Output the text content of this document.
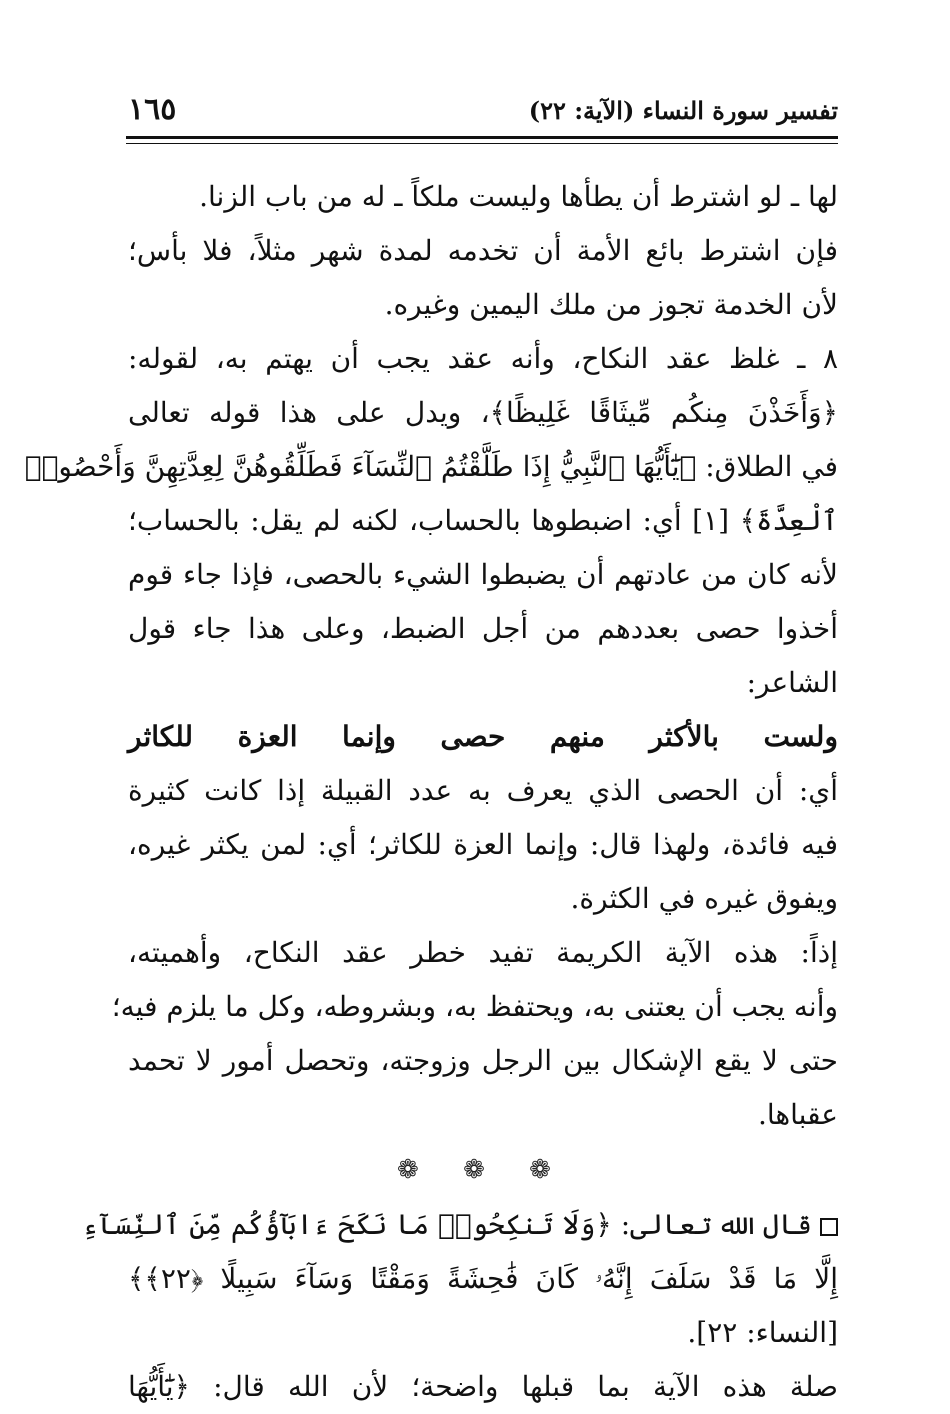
تفسير سورة النساء (الآية: ٢٢)
١٦٥
لها ـ لو اشترط أن يطأها وليست ملكاً ـ له من باب الزنا.
فإن اشترط بائع الأمة أن تخدمه لمدة شهر مثلاً، فلا بأس؛
لأن الخدمة تجوز من ملك اليمين وغيره.
٨ ـ غلظ عقد النكاح، وأنه عقد يجب أن يهتم به، لقوله:
﴿وَأَخَذْنَ مِنكُم مِّيثَاقًا غَلِيظًا﴾، ويدل على هذا قوله تعالى
في الطلاق: ﴿يَٰٓأَيُّهَا ٱلنَّبِيُّ إِذَا طَلَّقْتُمُ ٱلنِّسَآءَ فَطَلِّقُوهُنَّ لِعِدَّتِهِنَّ وَأَحْصُوا۟
ٱلْعِدَّةَ﴾ [١] أي: اضبطوها بالحساب، لكنه لم يقل: بالحساب؛
لأنه كان من عادتهم أن يضبطوا الشيء بالحصى، فإذا جاء قوم
أخذوا حصى بعددهم من أجل الضبط، وعلى هذا جاء قول
الشاعر:
ولست بالأكثر منهم حصى وإنما العزة للكاثر
أي: أن الحصى الذي يعرف به عدد القبيلة إذا كانت كثيرة
فيه فائدة، ولهذا قال: وإنما العزة للكاثر؛ أي: لمن يكثر غيره،
ويفوق غيره في الكثرة.
إذاً: هذه الآية الكريمة تفيد خطر عقد النكاح، وأهميته،
وأنه يجب أن يعتنى به، ويحتفظ به، وبشروطه، وكل ما يلزم فيه؛
حتى لا يقع الإشكال بين الرجل وزوجته، وتحصل أمور لا تحمد
عقباها.
❁ ❁ ❁
قال الله تعالى: ﴿وَلَا تَنكِحُوا۟ مَا نَكَحَ ءَابَآؤُكُم مِّنَ ٱلنِّسَآءِ
إِلَّا مَا قَدْ سَلَفَ إِنَّهُۥ كَانَ فَٰحِشَةً وَمَقْتًا وَسَآءَ سَبِيلًا ﴿٢٢﴾﴾
[النساء: ٢٢].
صلة هذه الآية بما قبلها واضحة؛ لأن الله قال: ﴿يَٰٓأَيُّهَا
